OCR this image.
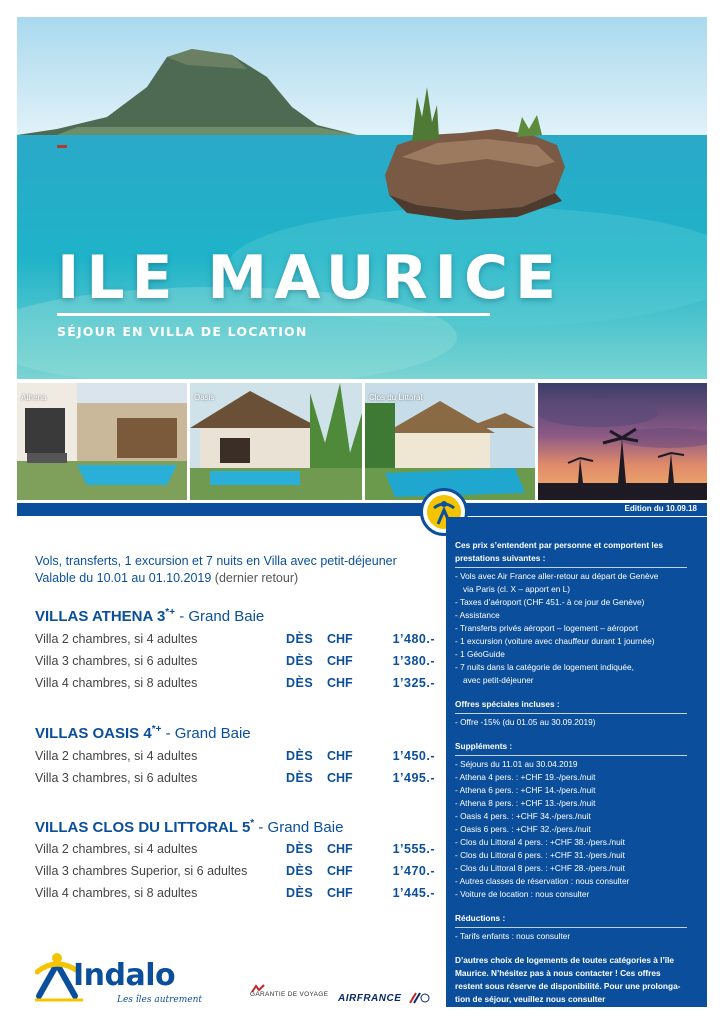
ILE MAURICE
SÉJOUR EN VILLA DE LOCATION
Athena	Oasis	Clos du Littoral
Edition du 10.09.18
Vols, transferts, 1 excursion et 7 nuits en Villa avec petit-déjeuner
Valable du 10.01 au 01.10.2019 (dernier retour)
VILLAS ATHENA 3*+ - Grand Baie
Villa 2 chambres, si 4 adultes	DÈS CHF	1’480.-
Villa 3 chambres, si 6 adultes	DÈS CHF	1’380.-
Villa 4 chambres, si 8 adultes	DÈS CHF	1’325.-
VILLAS OASIS 4*+ - Grand Baie
Villa 2 chambres, si 4 adultes	DÈS CHF	1’450.-
Villa 3 chambres, si 6 adultes	DÈS CHF	1’495.-
VILLAS CLOS DU LITTORAL 5* - Grand Baie
Villa 2 chambres, si 4 adultes	DÈS CHF	1’555.-
Villa 3 chambres Superior, si 6 adultes	DÈS CHF	1’470.-
Villa 4 chambres, si 8 adultes	DÈS CHF	1’445.-
Ces prix s’entendent par personne et comportent les
prestations suivantes :
- Vols avec Air France aller-retour au départ de Genève
via Paris (cl. X – apport en L)
- Taxes d’aéroport (CHF 451.- à ce jour de Genève)
- Assistance
- Transferts privés aéroport – logement – aéroport
- 1 excursion (voiture avec chauffeur durant 1 journée)
- 1 GéoGuide
- 7 nuits dans la catégorie de logement indiquée,
avec petit-déjeuner
Offres spéciales incluses :
- Offre -15% (du 01.05 au 30.09.2019)
Suppléments :
- Séjours du 11.01 au 30.04.2019
- Athena 4 pers. : +CHF 19.-/pers./nuit
- Athena 6 pers. : +CHF 14.-/pers./nuit
- Athena 8 pers. : +CHF 13.-/pers./nuit
- Oasis 4 pers. : +CHF 34.-/pers./nuit
- Oasis 6 pers. : +CHF 32.-/pers./nuit
- Clos du Littoral 4 pers. : +CHF 38.-/pers./nuit
- Clos du Littoral 6 pers. : +CHF 31.-/pers./nuit
- Clos du Littoral 8 pers. : +CHF 28.-/pers./nuit
- Autres classes de réservation : nous consulter
- Voiture de location : nous consulter
Réductions :
- Tarifs enfants : nous consulter
D’autres choix de logements de toutes catégories à l’île
Maurice. N’hésitez pas à nous contacter ! Ces offres
restent sous réserve de disponibilité. Pour une prolonga-
tion de séjour, veuillez nous consulter
Indalo
Les îles autrement
GARANTIE DE VOYAGE AIRFRANCE
